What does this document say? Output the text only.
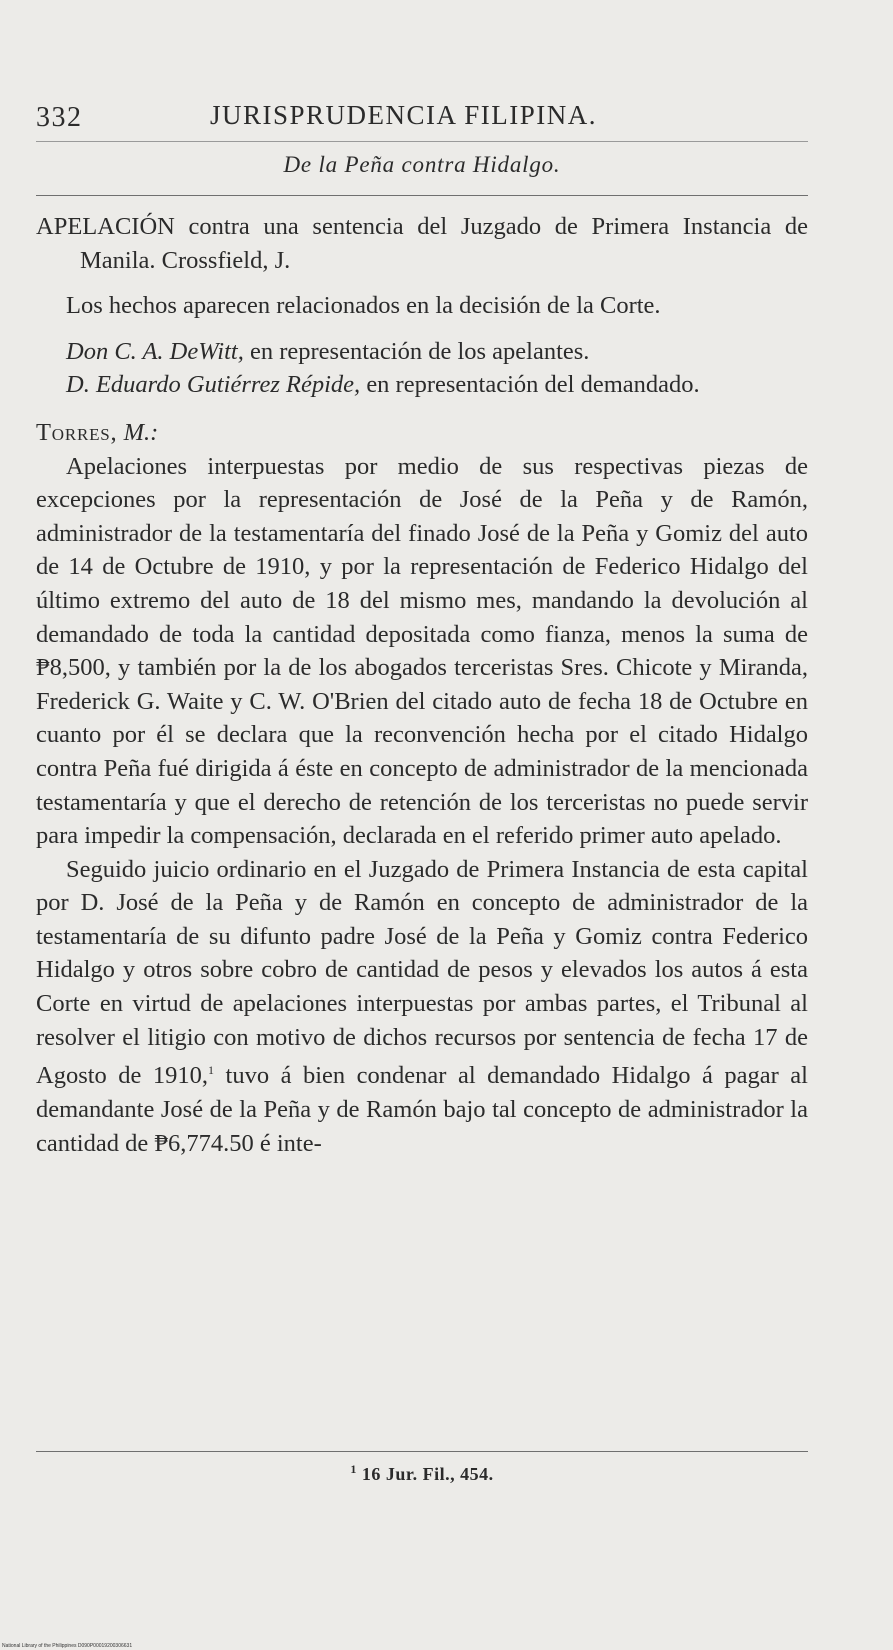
332	JURISPRUDENCIA FILIPINA.
De la Peña contra Hidalgo.

APELACIÓN contra una sentencia del Juzgado de Primera Instancia de Manila. Crossfield, J.

Los hechos aparecen relacionados en la decisión de la Corte.

Don C. A. DeWitt, en representación de los apelantes.

D. Eduardo Gutiérrez Répide, en representación del demandado.

Torres, M.:

Apelaciones interpuestas por medio de sus respectivas piezas de excepciones por la representación de José de la Peña y de Ramón, administrador de la testamentaría del finado José de la Peña y Gomiz del auto de 14 de Octubre de 1910, y por la representación de Federico Hidalgo del último extremo del auto de 18 del mismo mes, mandando la devolución al demandado de toda la cantidad depositada como fianza, menos la suma de ₱8,500, y también por la de los abogados terceristas Sres. Chicote y Miranda, Frederick G. Waite y C. W. O'Brien del citado auto de fecha 18 de Octubre en cuanto por él se declara que la reconvención hecha por el citado Hidalgo contra Peña fué dirigida á éste en concepto de administrador de la mencionada testamentaría y que el derecho de retención de los terceristas no puede servir para impedir la compensación, declarada en el referido primer auto apelado.

Seguido juicio ordinario en el Juzgado de Primera Instancia de esta capital por D. José de la Peña y de Ramón en concepto de administrador de la testamentaría de su difunto padre José de la Peña y Gomiz contra Federico Hidalgo y otros sobre cobro de cantidad de pesos y elevados los autos á esta Corte en virtud de apelaciones interpuestas por ambas partes, el Tribunal al resolver el litigio con motivo de dichos recursos por sentencia de fecha 17 de Agosto de 1910,$^1$ tuvo á bien condenar al demandado Hidalgo á pagar al demandante José de la Peña y de Ramón bajo tal concepto de administrador la cantidad de ₱6,774.50 é inte-

$^1$ 16 Jur. Fil., 454.
National Library of the Philippines D090P00019200306631
